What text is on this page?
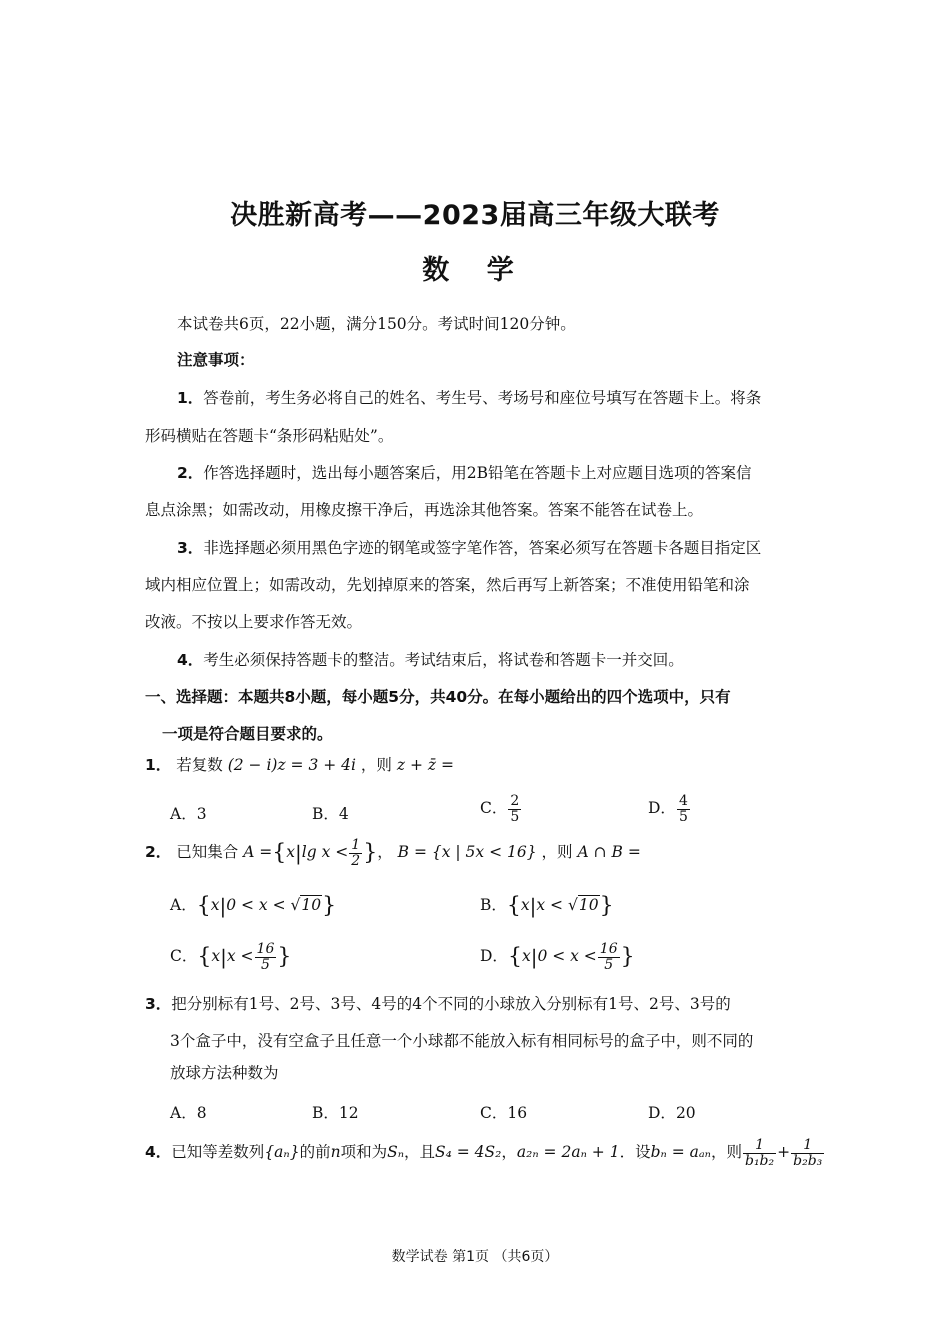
决胜新高考——2023届高三年级大联考
数 学
本试卷共6页，22小题，满分150分。考试时间120分钟。
注意事项：
1．答卷前，考生务必将自己的姓名、考生号、考场号和座位号填写在答题卡上。将条
形码横贴在答题卡“条形码粘贴处”。
2．作答选择题时，选出每小题答案后，用2B铅笔在答题卡上对应题目选项的答案信
息点涂黑；如需改动，用橡皮擦干净后，再选涂其他答案。答案不能答在试卷上。
3．非选择题必须用黑色字迹的钢笔或签字笔作答，答案必须写在答题卡各题目指定区
域内相应位置上；如需改动，先划掉原来的答案，然后再写上新答案；不准使用铅笔和涂
改液。不按以上要求作答无效。
4．考生必须保持答题卡的整洁。考试结束后，将试卷和答题卡一并交回。
一、选择题：本题共8小题，每小题5分，共40分。在每小题给出的四个选项中，只有
一项是符合题目要求的。
1． 若复数 (2 − i)z = 3 + 4i ，则 z + z̄ =
A．3	B．4	C． $\frac{2}{5}$	D． $\frac{4}{5}$
2． 已知集合 A ={x|lg $x < \frac{1}{2}$ }， B = {x | 5x < 16} ，则 A ∩ B =
A．{x|0 < x < √10}	B．{x|x < √10}
C．{$x|x < \frac{16}{5}$ }	D．{$x|0 < x < \frac{16}{5}$ }
3．把分别标有1号、2号、3号、4号的4个不同的小球放入分别标有1号、2号、3号的
3个盒子中，没有空盒子且任意一个小球都不能放入标有相同标号的盒子中，则不同的
放球方法种数为
A．8	B．12	C．16	D．20
4．已知等差数列{aₙ}的前n项和为Sₙ，且S₄ = 4S₂，a₂ₙ = 2aₙ + 1．设bₙ = aₐₙ，则 $\frac{1}{\text{b₁b₂}} + \frac{1}{\text{b₂b₃}}$
数学试卷 第1页 （共6页）
